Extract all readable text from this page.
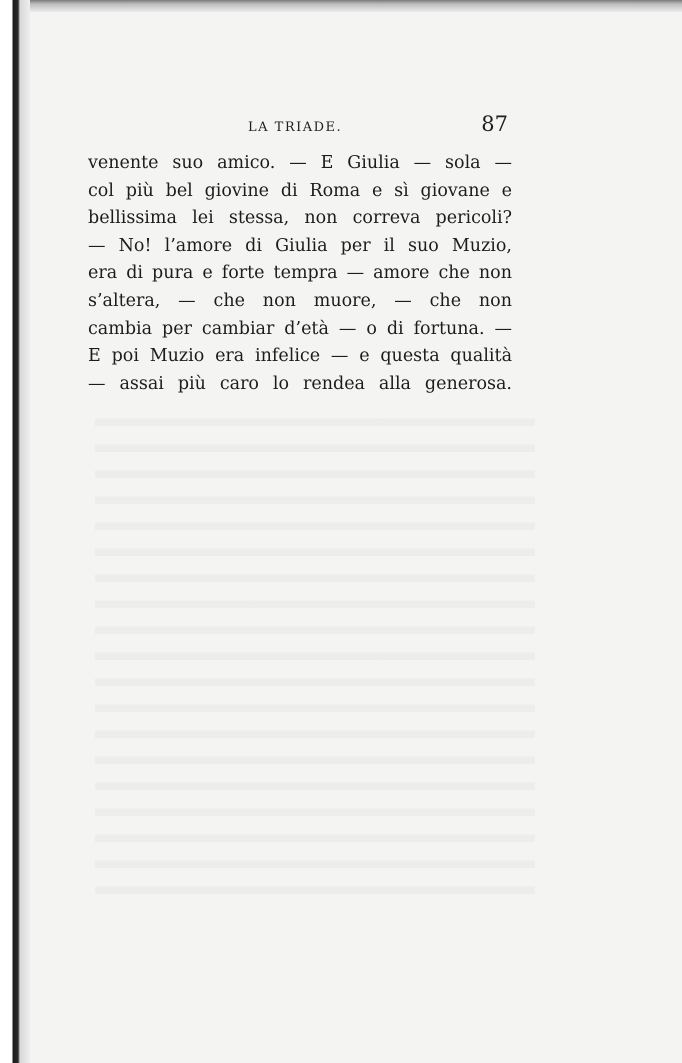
LA TRIADE.	87
venente suo amico. — E Giulia — sola —
col più bel giovine di Roma e sì giovane e
bellissima lei stessa, non correva pericoli?
— No! l’amore di Giulia per il suo Muzio,
era di pura e forte tempra — amore che non
s’altera, — che non muore, — che non
cambia per cambiar d’età — o di fortuna. —
E poi Muzio era infelice — e questa qualità
— assai più caro lo rendea alla generosa.
